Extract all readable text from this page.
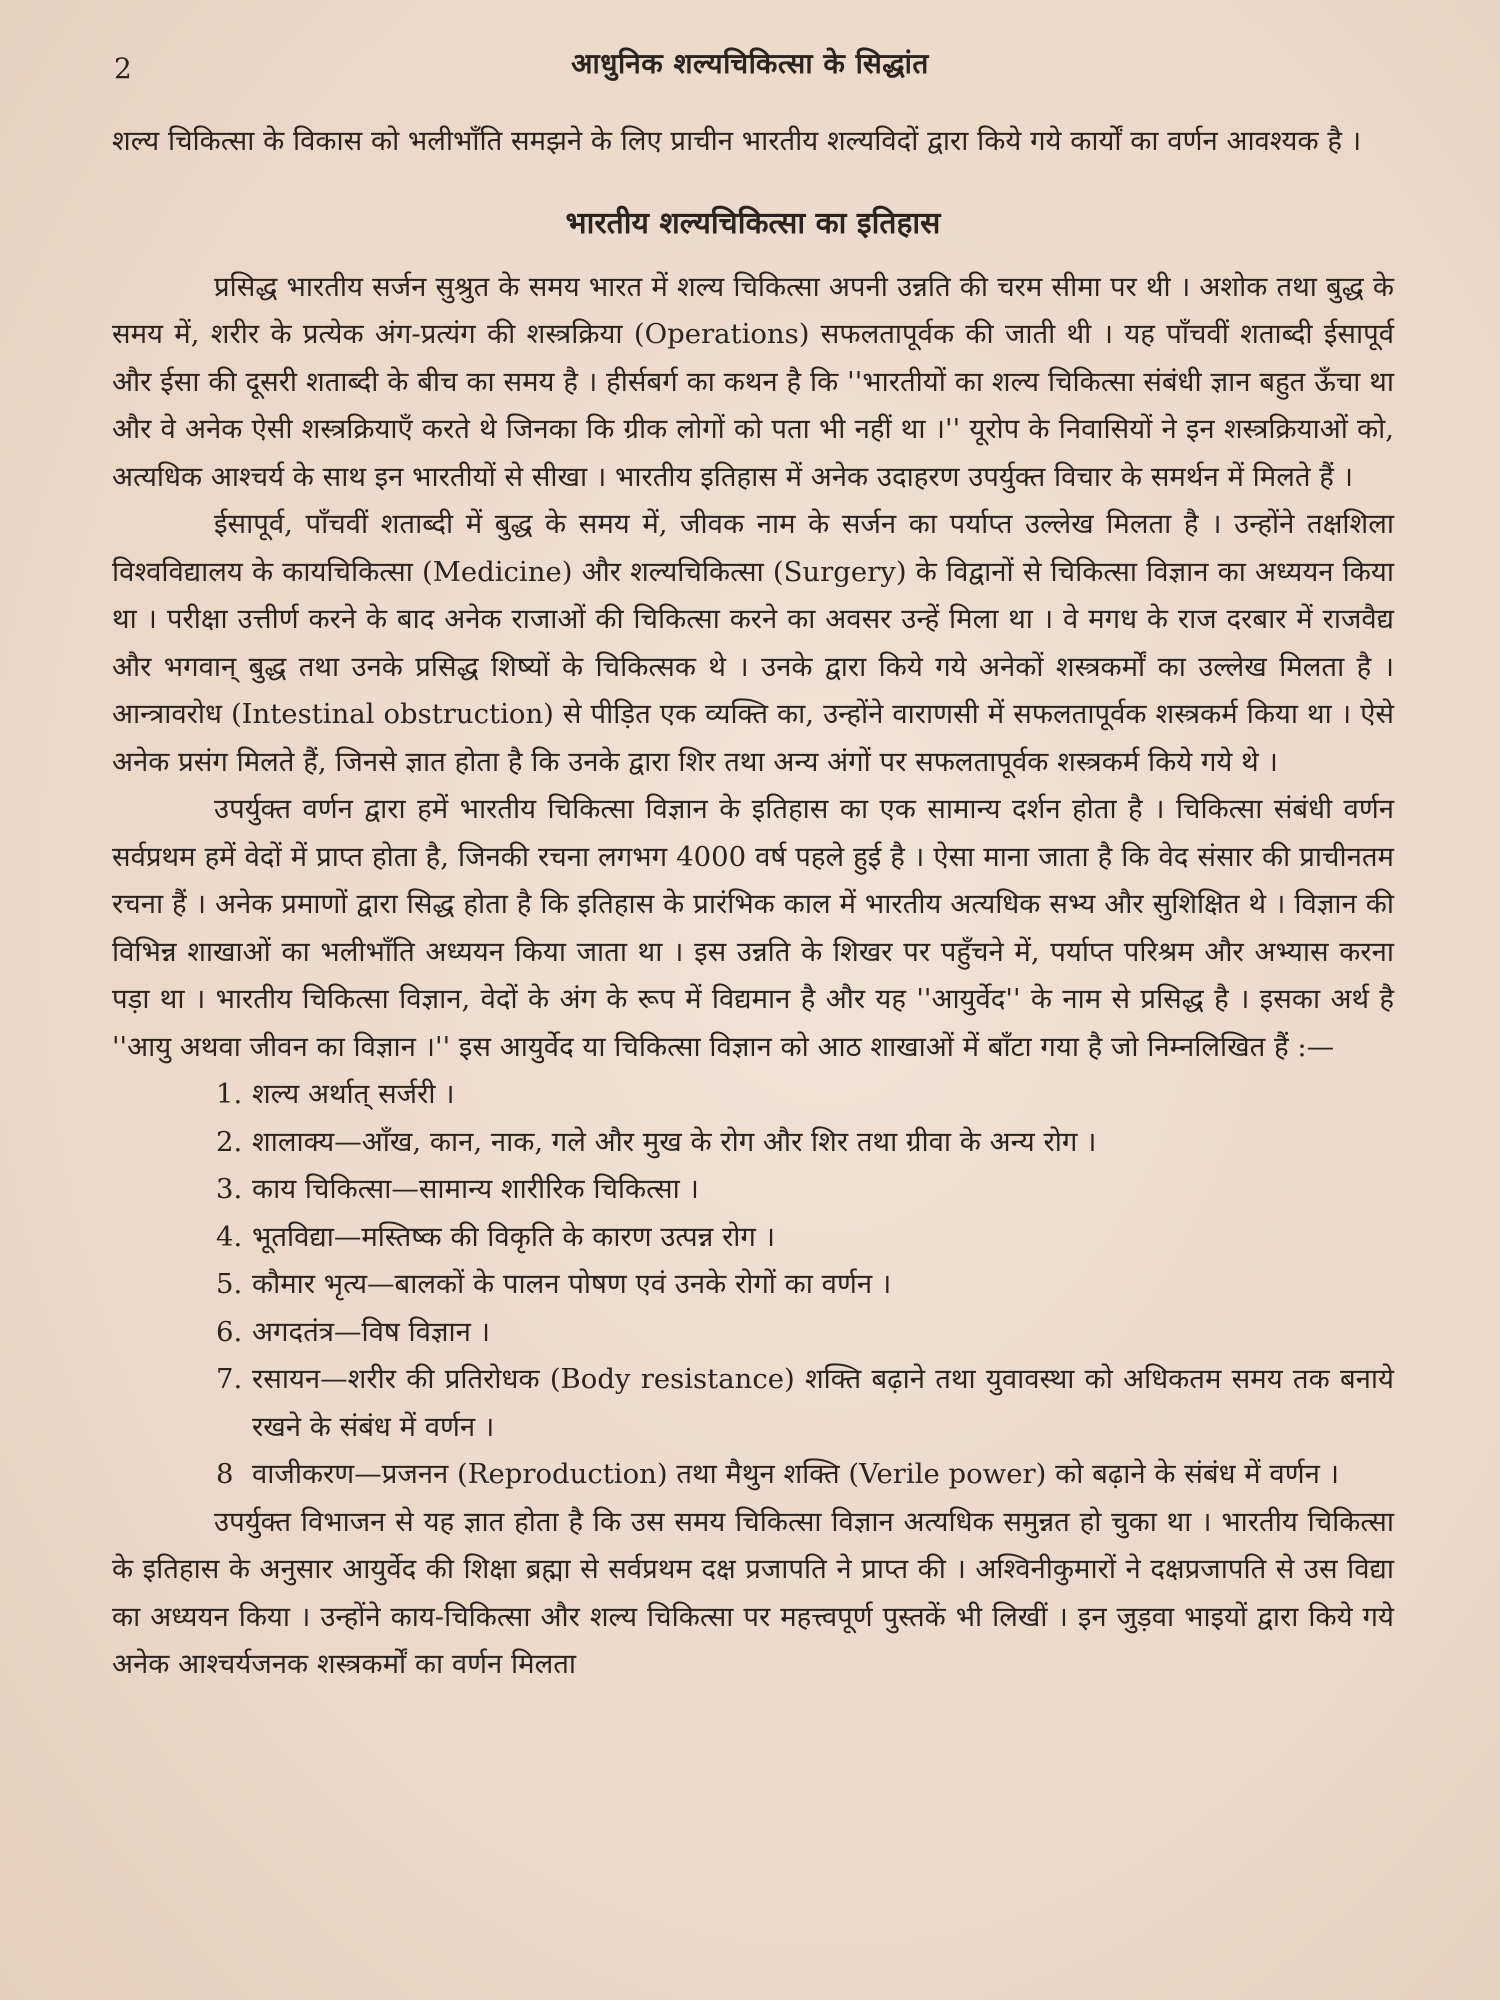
2	आधुनिक शल्यचिकित्सा के सिद्धांत

शल्य चिकित्सा के विकास को भलीभाँति समझने के लिए प्राचीन भारतीय शल्यविदों द्वारा किये गये कार्यों का वर्णन आवश्यक है ।

भारतीय शल्यचिकित्सा का इतिहास

प्रसिद्ध भारतीय सर्जन सुश्रुत के समय भारत में शल्य चिकित्सा अपनी उन्नति की चरम सीमा पर थी । अशोक तथा बुद्ध के समय में, शरीर के प्रत्येक अंग-प्रत्यंग की शस्त्रक्रिया (Operations) सफलतापूर्वक की जाती थी । यह पाँचवीं शताब्दी ईसापूर्व और ईसा की दूसरी शताब्दी के बीच का समय है । हीर्सबर्ग का कथन है कि ''भारतीयों का शल्य चिकित्सा संबंधी ज्ञान बहुत ऊँचा था और वे अनेक ऐसी शस्त्रक्रियाएँ करते थे जिनका कि ग्रीक लोगों को पता भी नहीं था ।'' यूरोप के निवासियों ने इन शस्त्रक्रियाओं को, अत्यधिक आश्चर्य के साथ इन भारतीयों से सीखा । भारतीय इतिहास में अनेक उदाहरण उपर्युक्त विचार के समर्थन में मिलते हैं ।

ईसापूर्व, पाँचवीं शताब्दी में बुद्ध के समय में, जीवक नाम के सर्जन का पर्याप्त उल्लेख मिलता है । उन्होंने तक्षशिला विश्वविद्यालय के कायचिकित्सा (Medicine) और शल्यचिकित्सा (Surgery) के विद्वानों से चिकित्सा विज्ञान का अध्ययन किया था । परीक्षा उत्तीर्ण करने के बाद अनेक राजाओं की चिकित्सा करने का अवसर उन्हें मिला था । वे मगध के राज दरबार में राजवैद्य और भगवान् बुद्ध तथा उनके प्रसिद्ध शिष्यों के चिकित्सक थे । उनके द्वारा किये गये अनेकों शस्त्रकर्मों का उल्लेख मिलता है । आन्त्रावरोध (Intestinal obstruction) से पीड़ित एक व्यक्ति का, उन्होंने वाराणसी में सफलतापूर्वक शस्त्रकर्म किया था । ऐसे अनेक प्रसंग मिलते हैं, जिनसे ज्ञात होता है कि उनके द्वारा शिर तथा अन्य अंगों पर सफलतापूर्वक शस्त्रकर्म किये गये थे ।

उपर्युक्त वर्णन द्वारा हमें भारतीय चिकित्सा विज्ञान के इतिहास का एक सामान्य दर्शन होता है । चिकित्सा संबंधी वर्णन सर्वप्रथम हमें वेदों में प्राप्त होता है, जिनकी रचना लगभग 4000 वर्ष पहले हुई है । ऐसा माना जाता है कि वेद संसार की प्राचीनतम रचना हैं । अनेक प्रमाणों द्वारा सिद्ध होता है कि इतिहास के प्रारंभिक काल में भारतीय अत्यधिक सभ्य और सुशिक्षित थे । विज्ञान की विभिन्न शाखाओं का भलीभाँति अध्ययन किया जाता था । इस उन्नति के शिखर पर पहुँचने में, पर्याप्त परिश्रम और अभ्यास करना पड़ा था । भारतीय चिकित्सा विज्ञान, वेदों के अंग के रूप में विद्यमान है और यह ''आयुर्वेद'' के नाम से प्रसिद्ध है । इसका अर्थ है ''आयु अथवा जीवन का विज्ञान ।'' इस आयुर्वेद या चिकित्सा विज्ञान को आठ शाखाओं में बाँटा गया है जो निम्नलिखित हैं :—

1. शल्य अर्थात् सर्जरी ।
2. शालाक्य—आँख, कान, नाक, गले और मुख के रोग और शिर तथा ग्रीवा के अन्य रोग ।
3. काय चिकित्सा—सामान्य शारीरिक चिकित्सा ।
4. भूतविद्या—मस्तिष्क की विकृति के कारण उत्पन्न रोग ।
5. कौमार भृत्य—बालकों के पालन पोषण एवं उनके रोगों का वर्णन ।
6. अगदतंत्र—विष विज्ञान ।
7. रसायन—शरीर की प्रतिरोधक (Body resistance) शक्ति बढ़ाने तथा युवावस्था को अधिकतम समय तक बनाये रखने के संबंध में वर्णन ।
8 वाजीकरण—प्रजनन (Reproduction) तथा मैथुन शक्ति (Verile power) को बढ़ाने के संबंध में वर्णन ।

उपर्युक्त विभाजन से यह ज्ञात होता है कि उस समय चिकित्सा विज्ञान अत्यधिक समुन्नत हो चुका था । भारतीय चिकित्सा के इतिहास के अनुसार आयुर्वेद की शिक्षा ब्रह्मा से सर्वप्रथम दक्ष प्रजापति ने प्राप्त की । अश्विनीकुमारों ने दक्षप्रजापति से उस विद्या का अध्ययन किया । उन्होंने काय-चिकित्सा और शल्य चिकित्सा पर महत्त्वपूर्ण पुस्तकें भी लिखीं । इन जुड़वा भाइयों द्वारा किये गये अनेक आश्चर्यजनक शस्त्रकर्मों का वर्णन मिलता
